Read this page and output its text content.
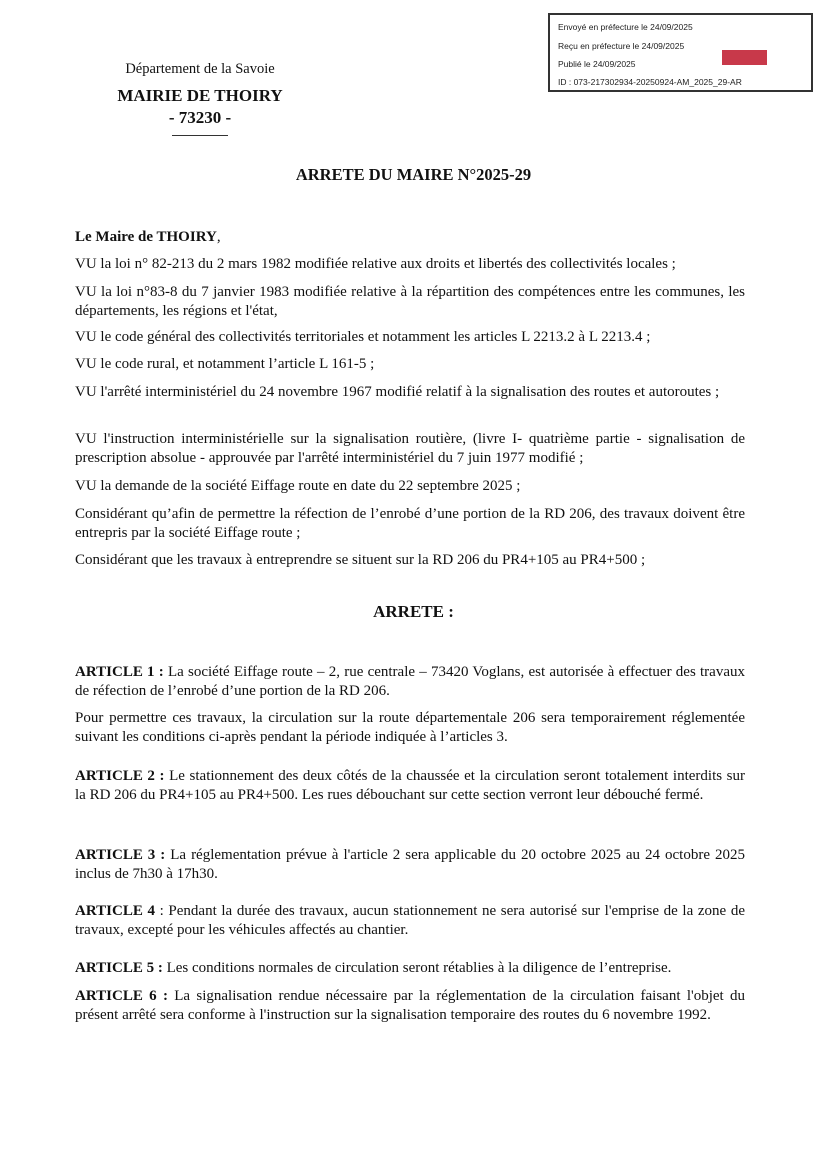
Envoyé en préfecture le 24/09/2025
Reçu en préfecture le 24/09/2025
Publié le 24/09/2025
ID : 073-217302934-20250924-AM_2025_29-AR
Département de la Savoie
MAIRIE DE THOIRY
- 73230 -
ARRETE DU MAIRE N°2025-29
Le Maire de THOIRY,
VU la loi n° 82-213 du 2 mars 1982 modifiée relative aux droits et libertés des collectivités locales ;
VU la loi n°83-8 du 7 janvier 1983 modifiée relative à la répartition des compétences entre les communes, les départements, les régions et l'état,
VU le code général des collectivités territoriales et notamment les articles L 2213.2 à L 2213.4 ;
VU le code rural, et notamment l’article L 161-5 ;
VU l'arrêté interministériel du 24 novembre 1967 modifié relatif à la signalisation des routes et autoroutes ;
VU l'instruction interministérielle sur la signalisation routière, (livre I- quatrième partie - signalisation de prescription absolue - approuvée par l'arrêté interministériel du 7 juin 1977 modifié ;
VU la demande de la société Eiffage route en date du 22 septembre 2025 ;
Considérant qu’afin de permettre la réfection de l’enrobé d’une portion de la RD 206, des travaux doivent être entrepris par la société Eiffage route ;
Considérant que les travaux à entreprendre se situent sur la RD 206 du PR4+105 au PR4+500 ;
ARRETE :
ARTICLE 1 : La société Eiffage route – 2, rue centrale – 73420 Voglans, est autorisée à effectuer des travaux de réfection de l’enrobé d’une portion de la RD 206.
Pour permettre ces travaux, la circulation sur la route départementale 206 sera temporairement réglementée suivant les conditions ci-après pendant la période indiquée à l’articles 3.
ARTICLE 2 : Le stationnement des deux côtés de la chaussée et la circulation seront totalement interdits sur la RD 206 du PR4+105 au PR4+500. Les rues débouchant sur cette section verront leur débouché fermé.
ARTICLE 3 : La réglementation prévue à l'article 2 sera applicable du 20 octobre 2025 au 24 octobre 2025 inclus de 7h30 à 17h30.
ARTICLE 4 : Pendant la durée des travaux, aucun stationnement ne sera autorisé sur l'emprise de la zone de travaux, excepté pour les véhicules affectés au chantier.
ARTICLE 5 : Les conditions normales de circulation seront rétablies à la diligence de l’entreprise.
ARTICLE 6 : La signalisation rendue nécessaire par la réglementation de la circulation faisant l'objet du présent arrêté sera conforme à l'instruction sur la signalisation temporaire des routes du 6 novembre 1992.
